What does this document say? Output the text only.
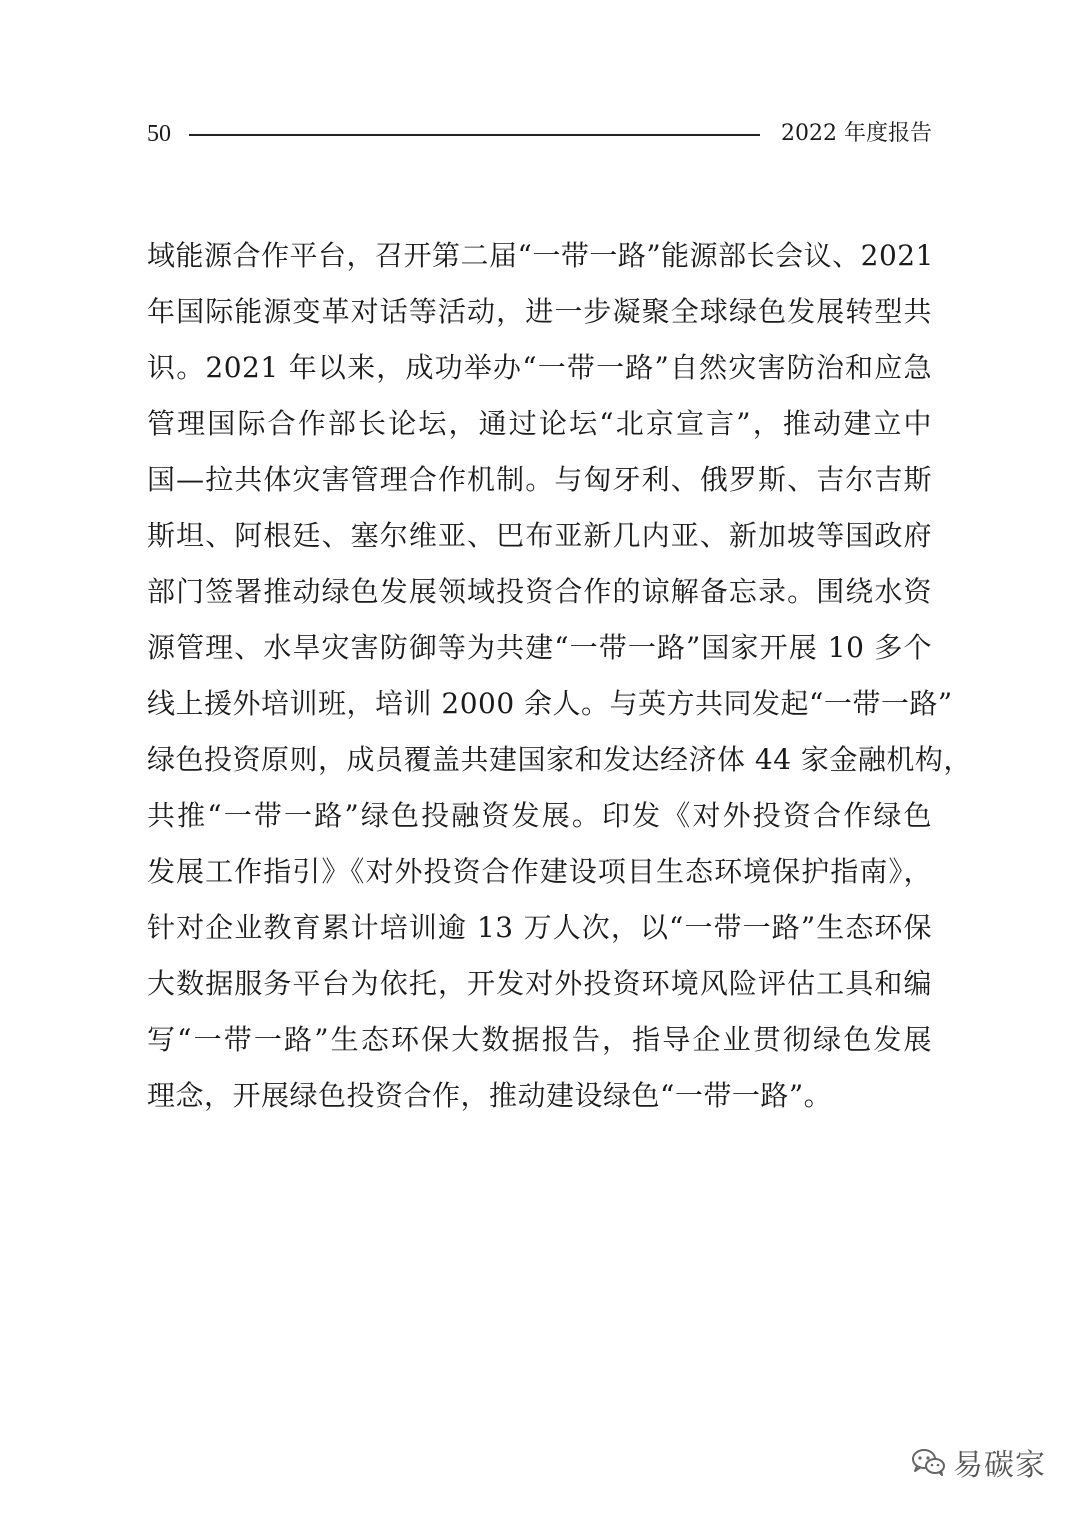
50	2022 年度报告
域能源合作平台，召开第二届“一带一路”能源部长会议、2021
年国际能源变革对话等活动，进一步凝聚全球绿色发展转型共
识。2021 年以来，成功举办“一带一路”自然灾害防治和应急
管理国际合作部长论坛，通过论坛“北京宣言”，推动建立中
国—拉共体灾害管理合作机制。与匈牙利、俄罗斯、吉尔吉斯
斯坦、阿根廷、塞尔维亚、巴布亚新几内亚、新加坡等国政府
部门签署推动绿色发展领域投资合作的谅解备忘录。围绕水资
源管理、水旱灾害防御等为共建“一带一路”国家开展 10 多个
线上援外培训班，培训 2000 余人。与英方共同发起“一带一路”
绿色投资原则，成员覆盖共建国家和发达经济体 44 家金融机构，
共推“一带一路”绿色投融资发展。印发《对外投资合作绿色
发展工作指引》《对外投资合作建设项目生态环境保护指南》，
针对企业教育累计培训逾 13 万人次，以“一带一路”生态环保
大数据服务平台为依托，开发对外投资环境风险评估工具和编
写“一带一路”生态环保大数据报告，指导企业贯彻绿色发展
理念，开展绿色投资合作，推动建设绿色“一带一路”。
易碳家
